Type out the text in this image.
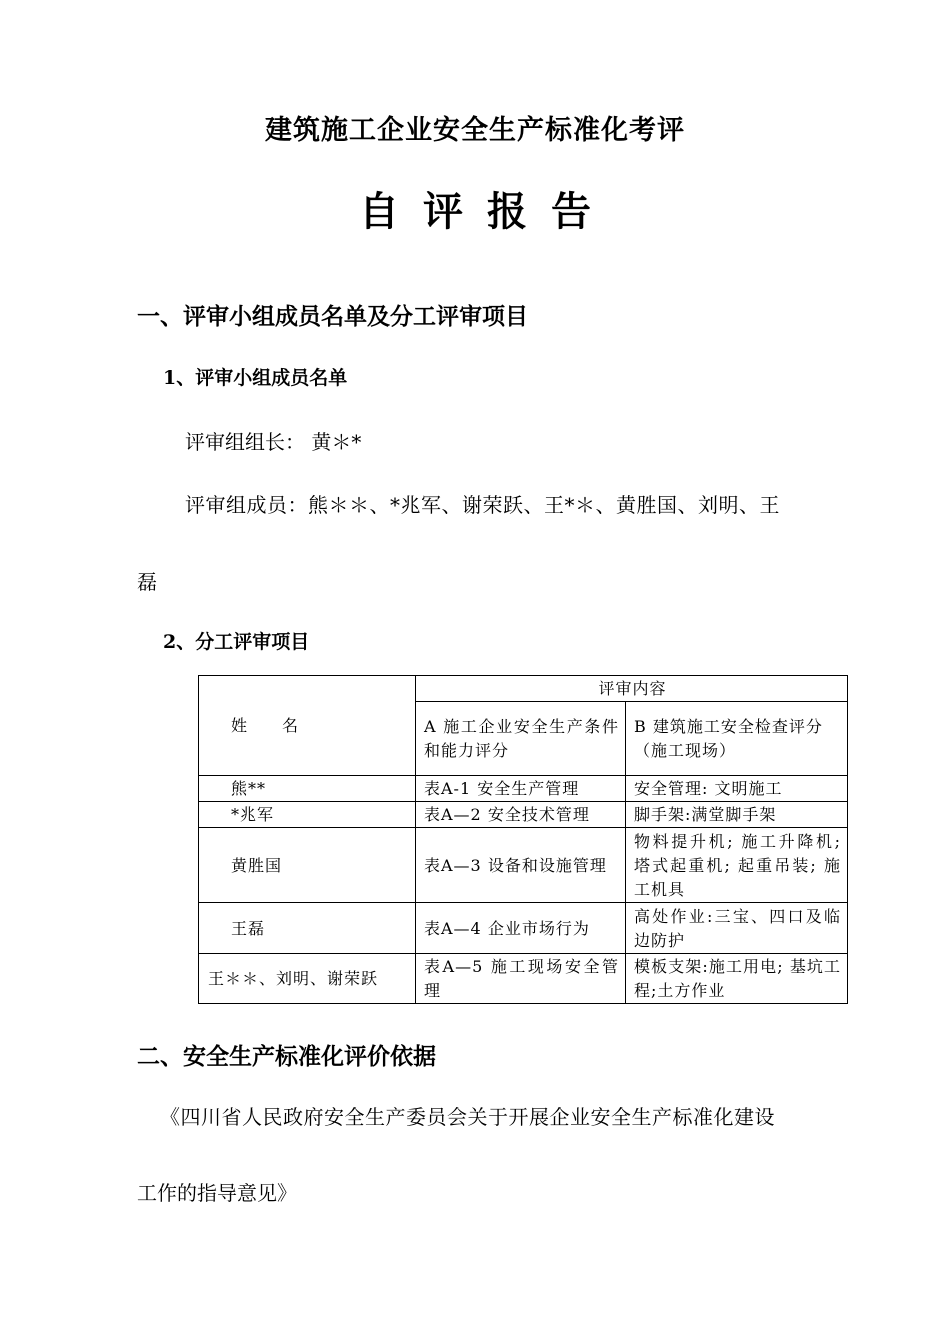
建筑施工企业安全生产标准化考评
自评报告
一、评审小组成员名单及分工评审项目
1、评审小组成员名单
评审组组长： 黄＊*
评审组成员：熊＊＊、*兆军、谢荣跃、王*＊、黄胜国、刘明、王
磊
2、分工评审项目
姓　　名	评审内容	
	A 施工企业安全生产条件和能力评分	B 建筑施工安全检查评分
（施工现场）

熊**	表A-1 安全生产管理	安全管理: 文明施工
*兆军	表A—2 安全技术管理	脚手架:满堂脚手架
黄胜国	表A—3 设备和设施管理	物料提升机; 施工升降机; 塔式起重机; 起重吊装; 施工机具
王磊	表A—4 企业市场行为	高处作业:三宝、四口及临边防护
王＊＊、刘明、谢荣跃	表A—5 施工现场安全管理	模板支架:施工用电; 基坑工程;土方作业
二、安全生产标准化评价依据
《四川省人民政府安全生产委员会关于开展企业安全生产标准化建设
工作的指导意见》
